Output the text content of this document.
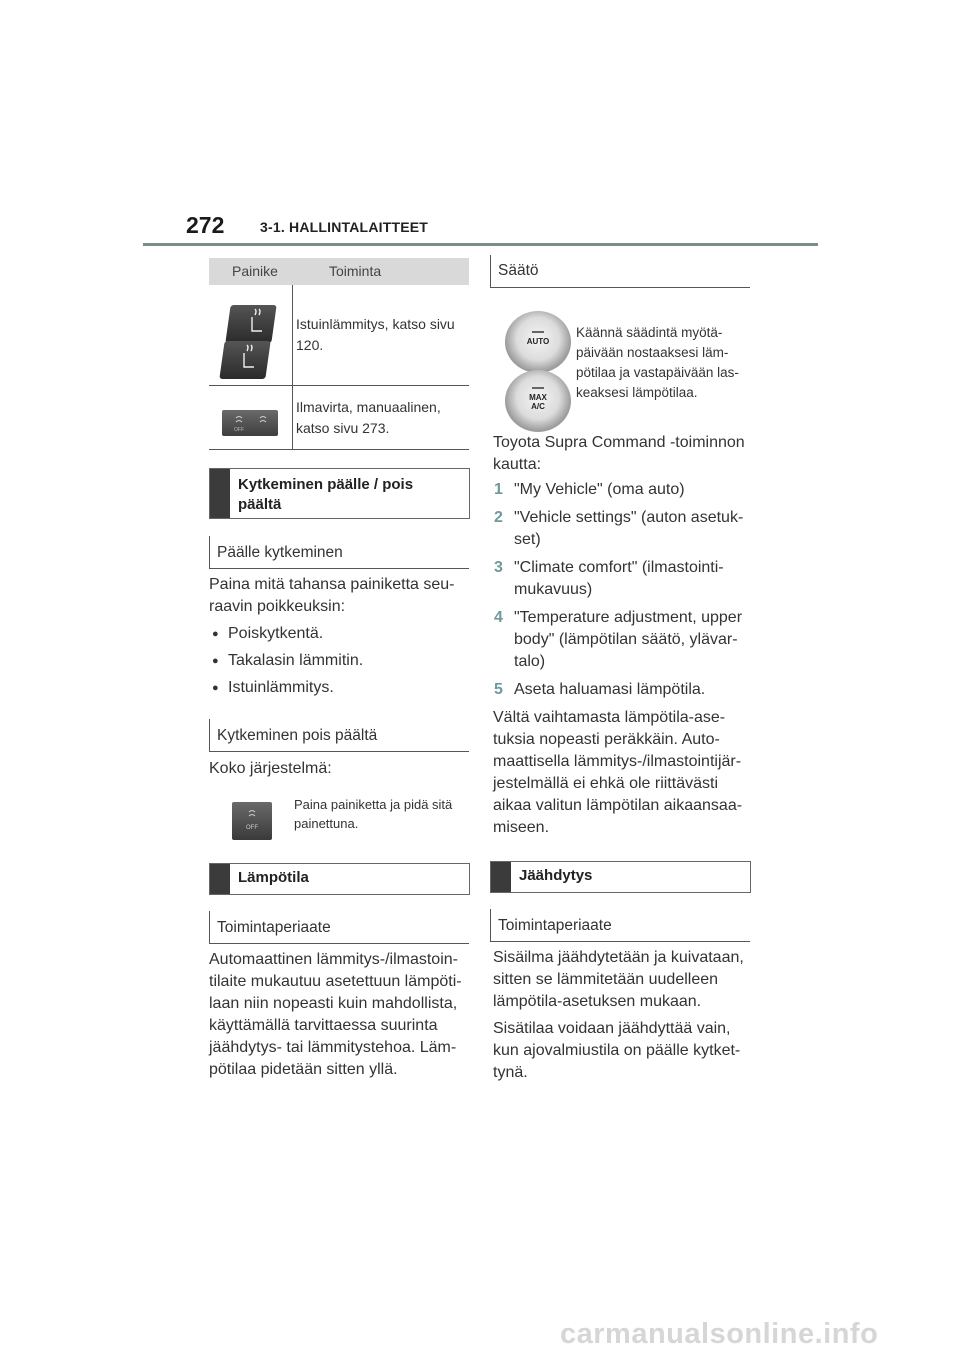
272	3-1. HALLINTALAITTEET
Painike	Toiminta
Istuinlämmitys, katso sivu 120.
OFF
Ilmavirta, manuaalinen, katso sivu 273.
Kytkeminen päälle / pois päältä
Päälle kytkeminen
Paina mitä tahansa painiketta seu-raavin poikkeuksin:
● Poiskytkentä.
● Takalasin lämmitin.
● Istuinlämmitys.
Kytkeminen pois päältä
Koko järjestelmä:
OFF
Paina painiketta ja pidä sitä painettuna.
Lämpötila
Toimintaperiaate
Automaattinen lämmitys-/ilmastoin-tilaite mukautuu asetettuun lämpöti-laan niin nopeasti kuin mahdollista, käyttämällä tarvittaessa suurinta jäähdytys- tai lämmitystehoa. Läm-pötilaa pidetään sitten yllä.
Säätö
AUTO
MAX
A/C
Käännä säädintä myötä-päivään nostaaksesi läm-pötilaa ja vastapäivään las-keaksesi lämpötilaa.
Toyota Supra Command -toiminnon kautta:
1 "My Vehicle" (oma auto)
2 "Vehicle settings" (auton asetuk-set)
3 "Climate comfort" (ilmastointi-mukavuus)
4 "Temperature adjustment, upper body" (lämpötilan säätö, ylävar-talo)
5 Aseta haluamasi lämpötila.
Vältä vaihtamasta lämpötila-ase-tuksia nopeasti peräkkäin. Auto-maattisella lämmitys-/ilmastointijär-jestelmällä ei ehkä ole riittävästi aikaa valitun lämpötilan aikaansaa-miseen.
Jäähdytys
Toimintaperiaate
Sisäilma jäähdytetään ja kuivataan, sitten se lämmitetään uudelleen lämpötila-asetuksen mukaan.
Sisätilaa voidaan jäähdyttää vain, kun ajovalmiustila on päälle kytket-tynä.
carmanualsonline.info
